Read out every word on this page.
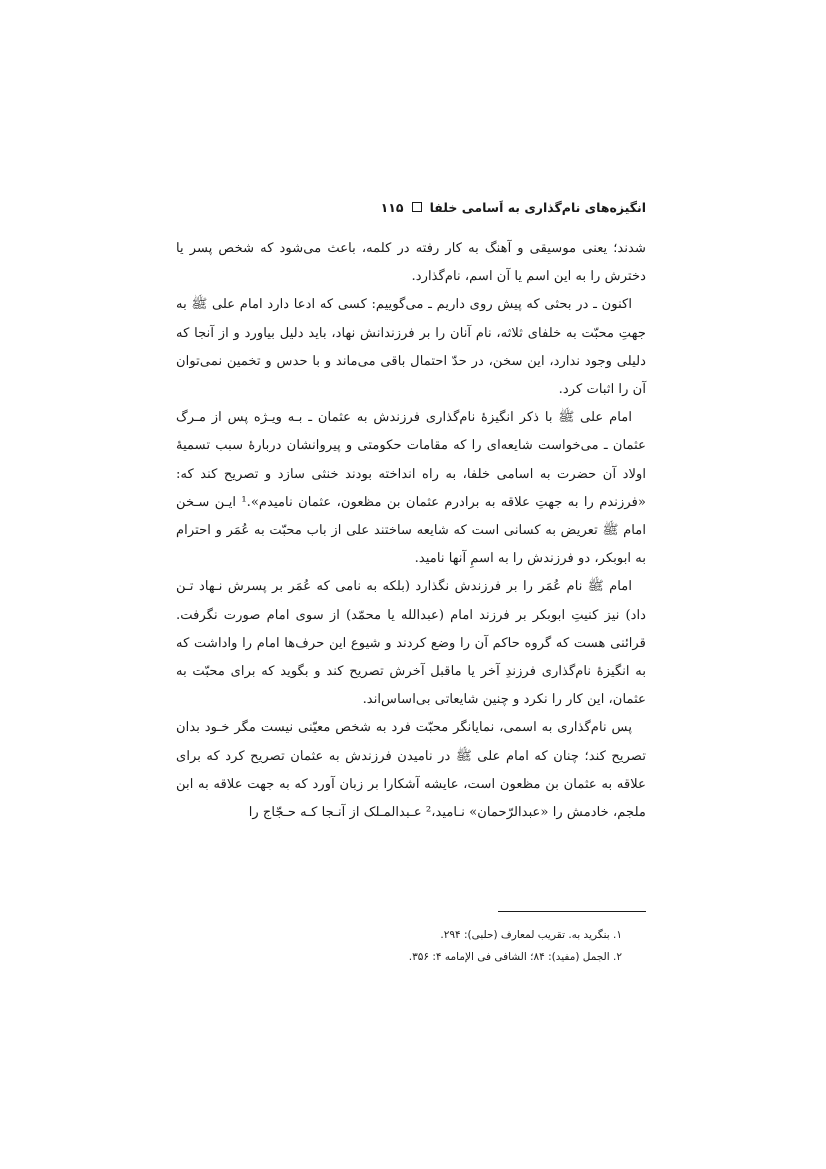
انگیزه‌های نام‌گذاری به اَسامی خلفا
۱۱۵

شدند؛ یعنی موسیقی و آهنگ به کار رفته در کلمه، باعث می‌شود که شخص پسر یا دخترش را به این اسم یا آن اسم، نام‌گذارد.

اکنون ـ در بحثی که پیش روی داریم ـ می‌گوییم: کسی که ادعا دارد امام علی ﷺ به جهتِ محبّت به خلفای ثلاثه، نام آنان را بر فرزندانش نهاد، باید دلیل بیاورد و از آنجا که دلیلی وجود ندارد، این سخن، در حدّ احتمال باقی می‌ماند و با حدس و تخمین نمی‌توان آن را اثبات کرد.

امام علی ﷺ با ذکر انگیزهٔ نام‌گذاری فرزندش به عثمان ـ بـه ویـژه پس از مـرگ عثمان ـ می‌خواست شایعه‌ای را که مقامات حکومتی و پیروانشان دربارهٔ سبب تسمیهٔ اولاد آن حضرت به اسامی خلفا، به راه انداخته بودند خنثی سازد و تصریح کند که: «فرزندم را به جهتِ علاقه به برادرم عثمان بن مظعون، عثمان نامیدم».¹ ایـن سـخن امام ﷺ تعریض به کسانی است که شایعه ساختند علی از باب محبّت به عُمَر و احترام به ابوبکر، دو فرزندش را به اسمِ آنها نامید.

امام ﷺ نام عُمَر را بر فرزندش نگذارد (بلکه به نامی که عُمَر بر پسرش نـهاد تـن داد) نیز کنیتِ ابوبکر بر فرزند امام (عبدالله یا محمّد) از سوی امام صورت نگرفت. قرائنی هست که گروه حاکم آن را وضع کردند و شیوع این حرف‌ها امام را واداشت که به انگیزهٔ نام‌گذاری فرزندِ آخر یا ماقبل آخرش تصریح کند و بگوید که برای محبّت به عثمان، این کار را نکرد و چنین شایعاتی بی‌اساس‌اند.

پس نام‌گذاری به اسمی، نمایانگر محبّت فرد به شخص معیّنی نیست مگر خـود بدان تصریح کند؛ چنان که امام علی ﷺ در نامیدن فرزندش به عثمان تصریح کرد که برای علاقه به عثمان بن مظعون است، عایشه آشکارا بر زبان آورد که به جهت علاقه به ابن ملجم، خادمش را «عبدالرّحمان» نـامید،² عـبدالمـلک از آنـجا کـه حـجّاج را

۱. بنگرید به. تقریب لمعارف (حلبی): ۲۹۴.
۲. الجمل (مفید): ۸۴؛ الشافی فی الإمامه ۴: ۳۵۶.
